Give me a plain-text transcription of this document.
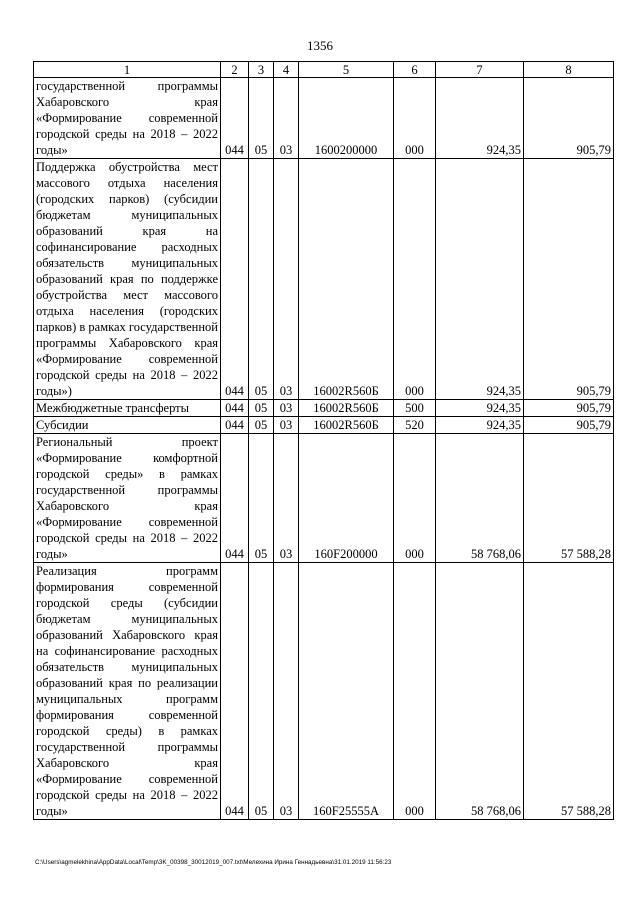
1356
1	2	3	4	5	6	7	8
государственной программы Хабаровского края «Формирование современной городской среды на 2018 – 2022 годы»	044	05	03	1600200000	000	924,35	905,79
Поддержка обустройства мест массового отдыха населения (городских парков) (субсидии бюджетам муниципальных образований края на софинансирование расходных обязательств муниципальных образований края по поддержке обустройства мест массового отдыха населения (городских парков) в рамках государственной программы Хабаровского края «Формирование современной городской среды на 2018 – 2022 годы»)	044	05	03	16002R560Б	000	924,35	905,79
Межбюджетные трансферты	044	05	03	16002R560Б	500	924,35	905,79
Субсидии	044	05	03	16002R560Б	520	924,35	905,79
Региональный проект «Формирование комфортной городской среды» в рамках государственной программы Хабаровского края «Формирование современной городской среды на 2018 – 2022 годы»	044	05	03	160F200000	000	58 768,06	57 588,28
Реализация программ формирования современной городской среды (субсидии бюджетам муниципальных образований Хабаровского края на софинансирование расходных обязательств муниципальных образований края по реализации муниципальных программ формирования современной городской среды) в рамках государственной программы Хабаровского края «Формирование современной городской среды на 2018 – 2022 годы»	044	05	03	160F25555А	000	58 768,06	57 588,28
C:\Users\agmelekhina\AppData\Local\Temp\3K_00398_30012019_007.txt\Мелехина Ирина Геннадьевна\31.01.2019 11:56:23
